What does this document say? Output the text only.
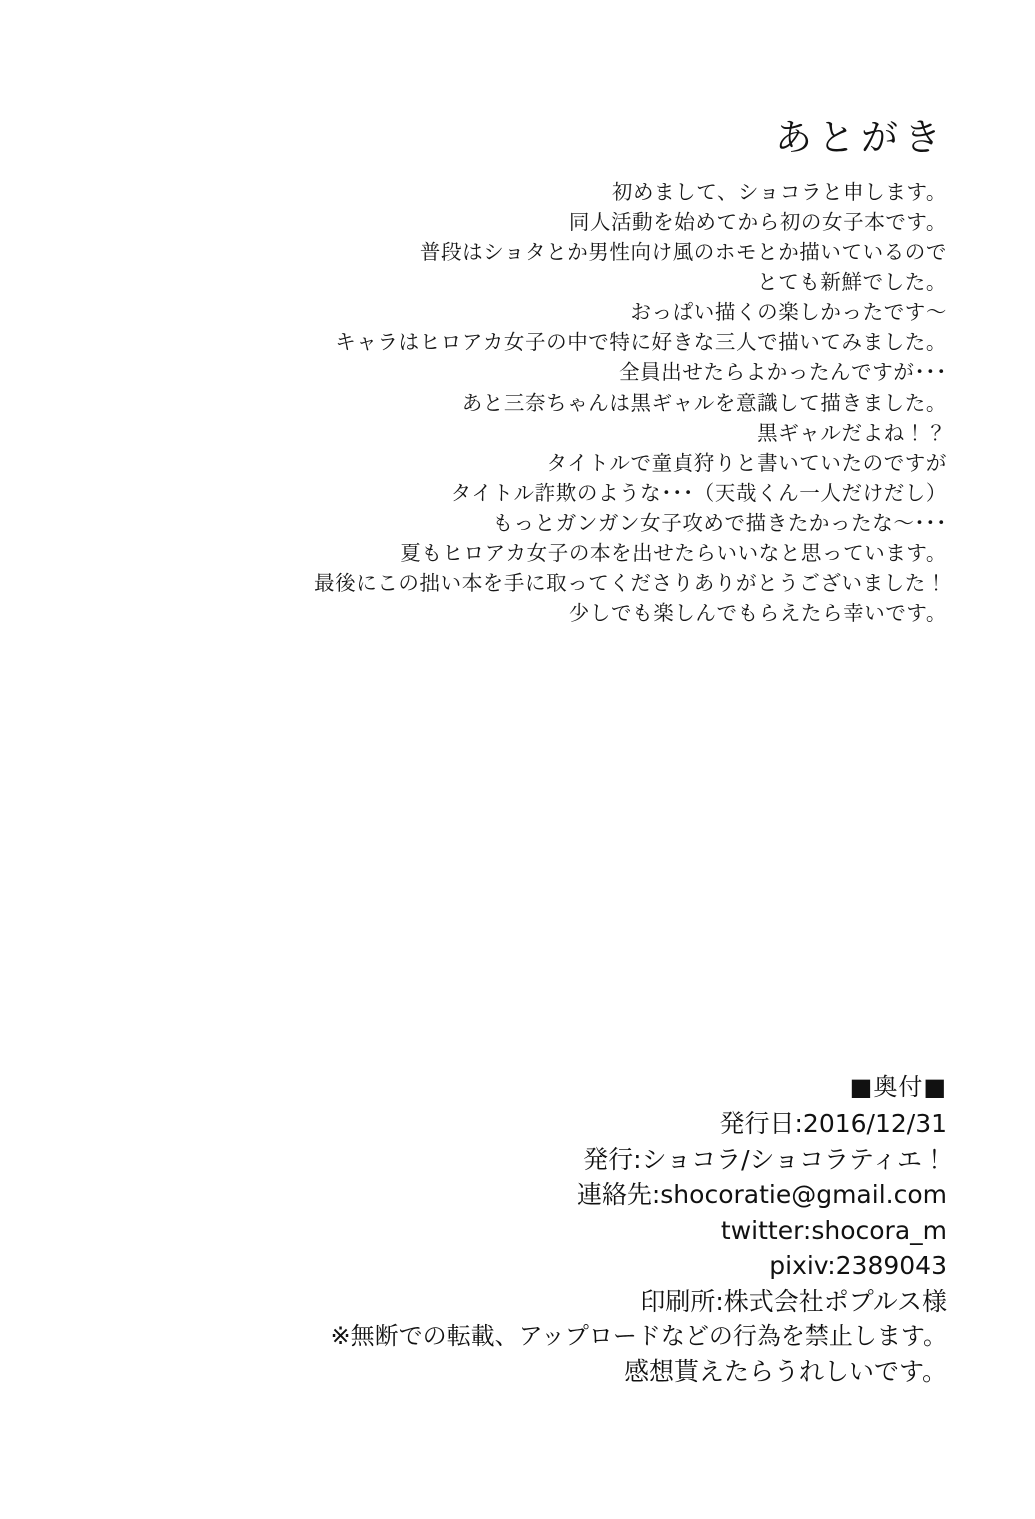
あとがき
初めまして、ショコラと申します。
同人活動を始めてから初の女子本です。
普段はショタとか男性向け風のホモとか描いているので
とても新鮮でした。
おっぱい描くの楽しかったです～
キャラはヒロアカ女子の中で特に好きな三人で描いてみました。
全員出せたらよかったんですが･･･
あと三奈ちゃんは黒ギャルを意識して描きました。
黒ギャルだよね！？
タイトルで童貞狩りと書いていたのですが
タイトル詐欺のような･･･（天哉くん一人だけだし）
もっとガンガン女子攻めで描きたかったな～･･･
夏もヒロアカ女子の本を出せたらいいなと思っています。
最後にこの拙い本を手に取ってくださりありがとうございました！
少しでも楽しんでもらえたら幸いです。
■奥付■
発行日:2016/12/31
発行:ショコラ/ショコラティエ！
連絡先:shocoratie@gmail.com
twitter:shocora_m
pixiv:2389043
印刷所:株式会社ポプルス様
※無断での転載、アップロードなどの行為を禁止します。
感想貰えたらうれしいです。
